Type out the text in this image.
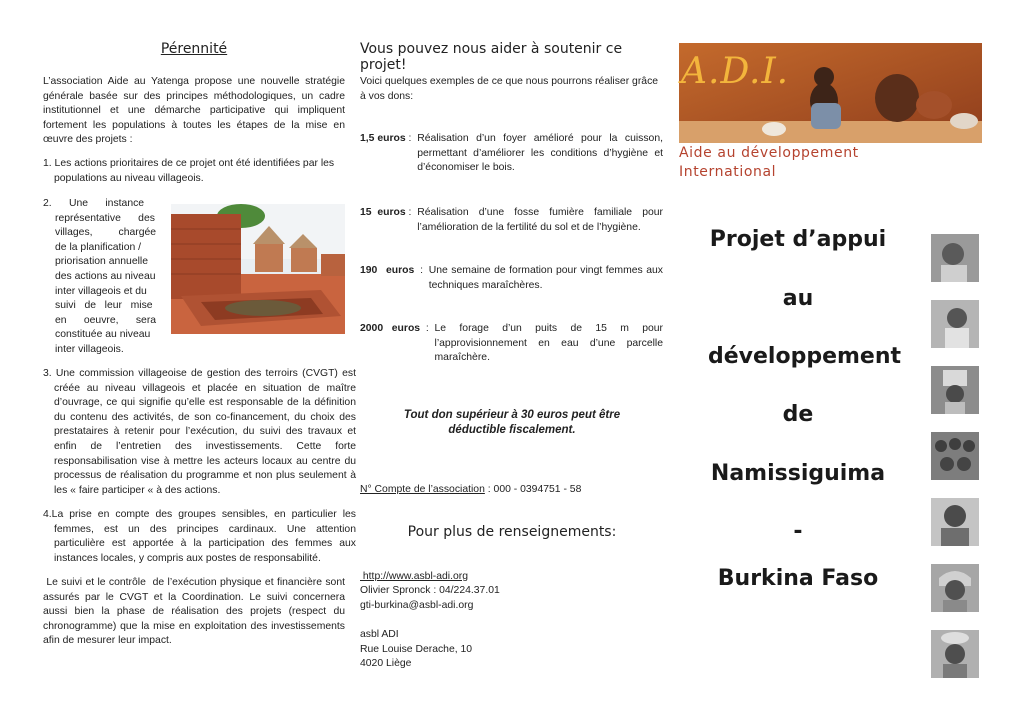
Pérennité

L’association Aide au Yatenga propose une nouvelle stratégie générale basée sur des principes méthodologiques, un cadre institutionnel et une démarche participative qui impliquent fortement les populations à toutes les étapes de la mise en œuvre des projets :

1. Les actions prioritaires de ce projet ont été identifiées par les populations au niveau villageois.

2.      Une      instance

représentative      des

villages,         chargée

de la planification /

priorisation annuelle

des actions au niveau

inter villageois et du

suivi   de   leur   mise

en      oeuvre,      sera

constituée au niveau

inter villageois.

3. Une commission villageoise de gestion des terroirs (CVGT) est créée au niveau villageois et placée en situation de maître d’ouvrage, ce qui signifie qu’elle est responsable de la définition du contenu des activités, de son co-financement, du choix des prestataires à retenir pour l’exécution, du suivi des travaux et enfin de l’entretien des investissements. Cette forte responsabilisation vise à mettre les acteurs locaux au centre du processus de réalisation du programme et non plus seulement à les « faire participer « à des actions.

4.La prise en compte des groupes sensibles, en particulier les femmes, est un des principes cardinaux. Une attention particulière est apportée à la participation des femmes aux instances locales, y compris aux postes de responsabilité.

Le suivi et le contrôle  de l’exécution physique et financière sont assurés par le CVGT et la Coordination. Le suivi concernera aussi bien la phase de réalisation des projets (respect du chronogramme) que la mise en exploitation des investissements afin de mesurer leur impact.

Vous pouvez nous aider à soutenir ce projet!

Voici quelques exemples de ce que nous pourrons réaliser grâce à vos dons:

1,5 euros : Réalisation d’un foyer amélioré pour la cuisson, permettant d’améliorer les conditions d’hygiène et d’économiser le bois.
15  euros : Réalisation d’une fosse fumière familiale pour l’amélioration de la fertilité du sol et de l’hygiène.
190   euros : Une semaine de formation pour vingt femmes aux techniques maraîchères.
2000   euros : Le forage d’un puits de 15 m pour l’approvisionnement en eau d’une parcelle maraîchère.

Tout don supérieur à 30 euros peut être déductible fiscalement.

N° Compte de l’association : 000 - 0394751 - 58

Pour plus de renseignements:

http://www.asbl-adi.org

Olivier Spronck : 04/224.37.01

gti-burkina@asbl-adi.org

asbl ADI

Rue Louise Derache, 10

4020 Liège

A.D.I.
Aide au développement
International
Projet d’appui
au
développement
de
Namissiguima
-
Burkina Faso
